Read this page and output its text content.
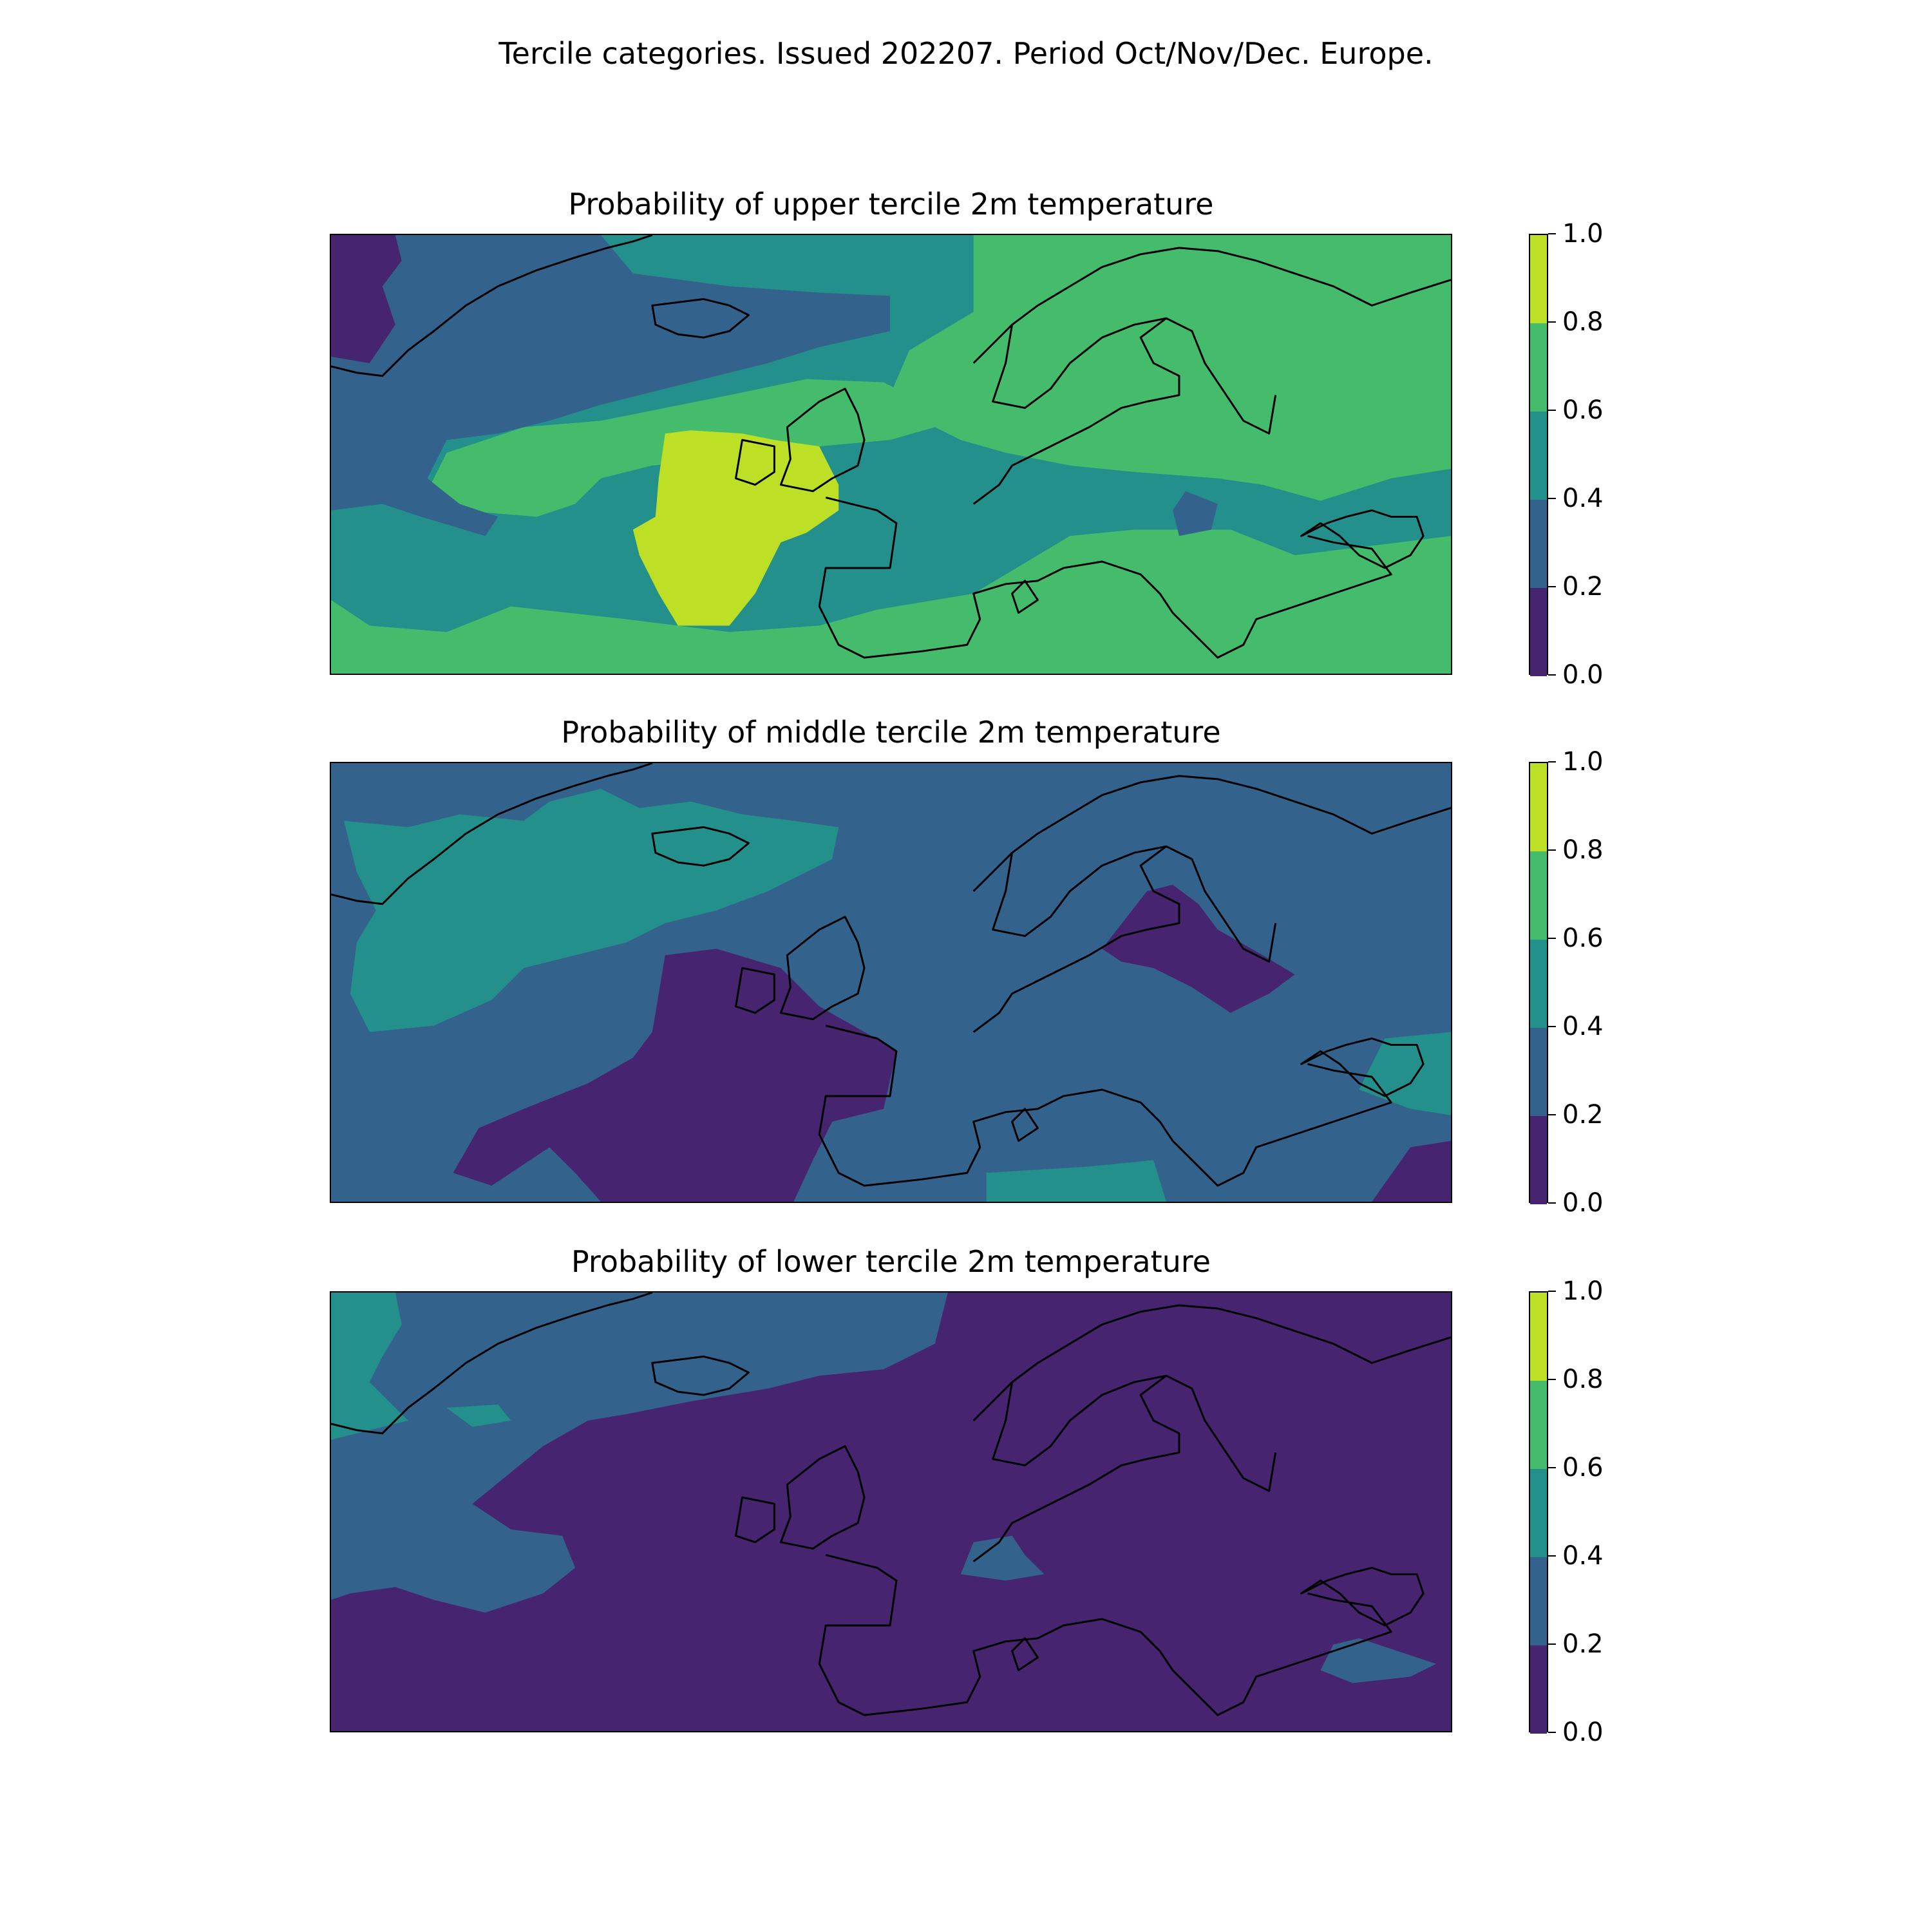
Tercile categories. Issued 202207. Period Oct/Nov/Dec. Europe.
Probability of upper tercile 2m temperature
0.0
0.2
0.4
0.6
0.8
1.0
Probability of middle tercile 2m temperature
0.0
0.2
0.4
0.6
0.8
1.0
Probability of lower tercile 2m temperature
0.0
0.2
0.4
0.6
0.8
1.0
